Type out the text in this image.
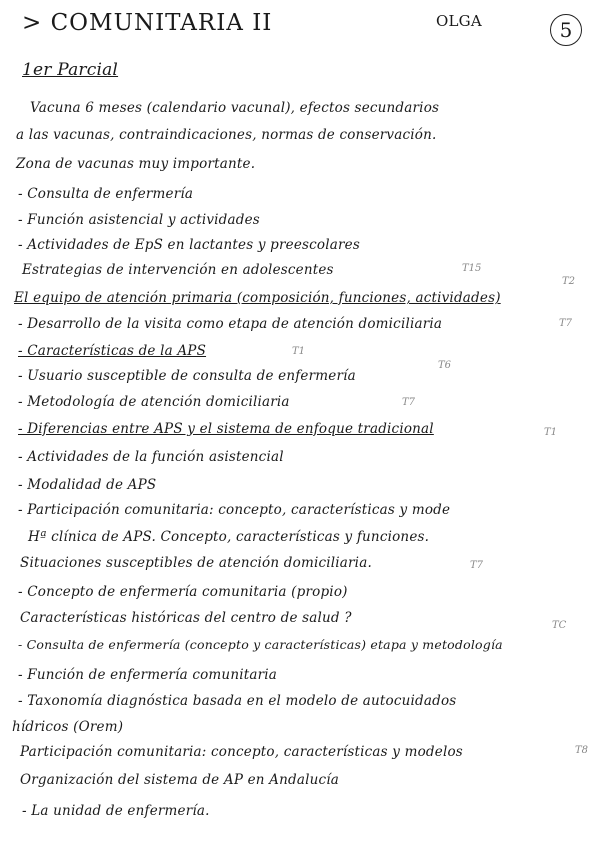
> COMUNITARIA II	OLGA	5
1er Parcial
Vacuna 6 meses (calendario vacunal), efectos secundarios
a las vacunas, contraindicaciones, normas de conservación.
Zona de vacunas muy importante.
- Consulta de enfermería
- Función asistencial y actividades
- Actividades de EpS en lactantes y preescolares
Estrategias de intervención en adolescentes
El equipo de atención primaria (composición, funciones, actividades)
- Desarrollo de la visita como etapa de atención domiciliaria
- Características de la APS
- Usuario susceptible de consulta de enfermería
- Metodología de atención domiciliaria
- Diferencias entre APS y el sistema de enfoque tradicional
- Actividades de la función asistencial
- Modalidad de APS
- Participación comunitaria: concepto, características y mode
Hª clínica de APS. Concepto, características y funciones.
Situaciones susceptibles de atención domiciliaria.
- Concepto de enfermería comunitaria (propio)
Características históricas del centro de salud ?
- Consulta de enfermería (concepto y características) etapa y metodología
- Función de enfermería comunitaria
- Taxonomía diagnóstica basada en el modelo de autocuidados
hídricos (Orem)
Participación comunitaria: concepto, características y modelos
Organización del sistema de AP en Andalucía
- La unidad de enfermería.
T15
T2
T7
T1
T6
T7
T1
T7
TC
T8
